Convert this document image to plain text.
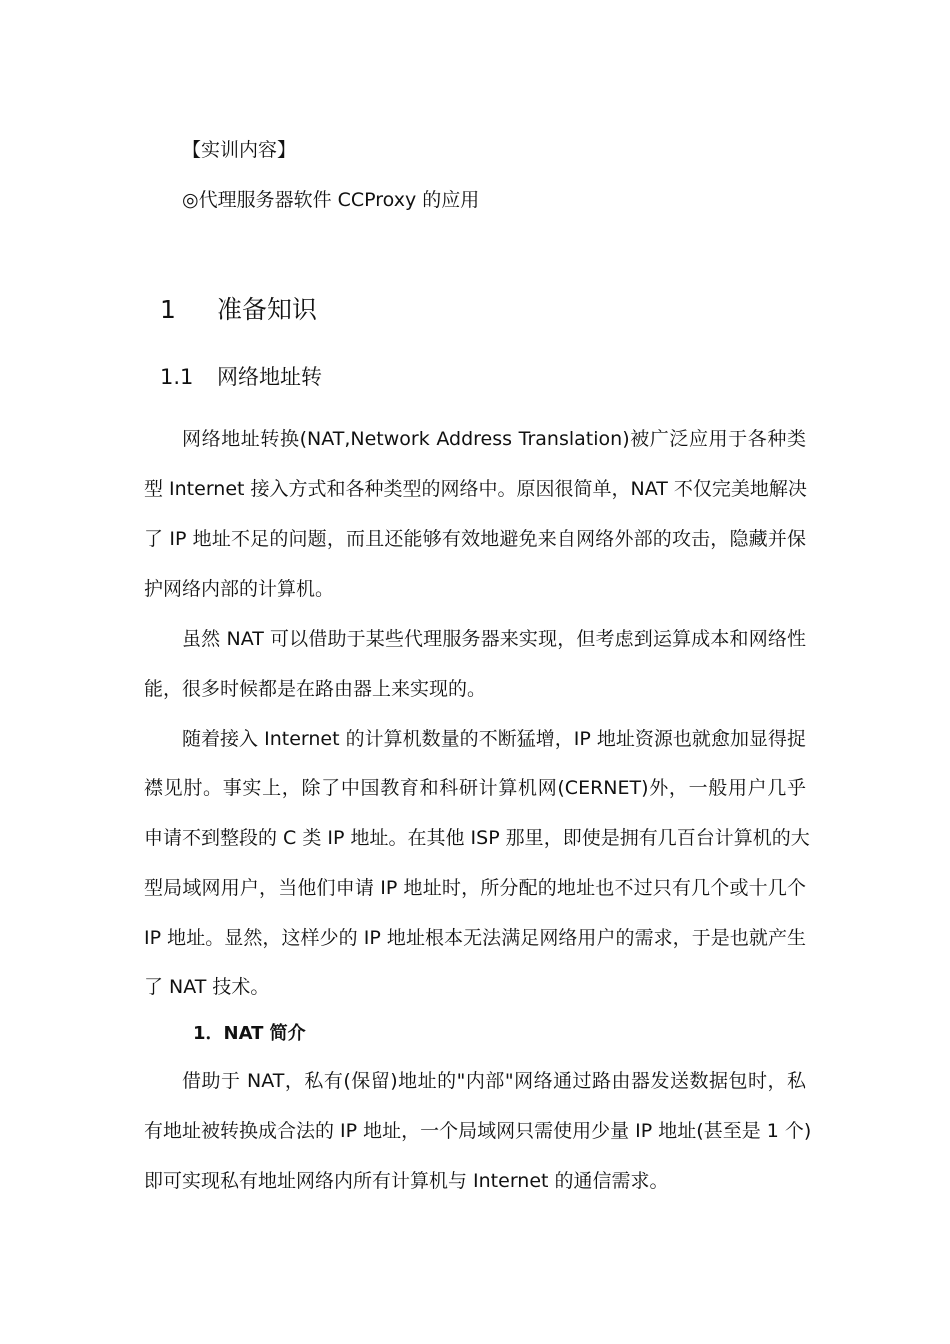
【实训内容】
◎代理服务器软件 CCProxy 的应用
1 准备知识
1.1 网络地址转
网络地址转换(NAT,Network Address Translation)被广泛应用于各种类
型 Internet 接入方式和各种类型的网络中。原因很简单，NAT 不仅完美地解决
了 IP 地址不足的问题，而且还能够有效地避免来自网络外部的攻击，隐藏并保
护网络内部的计算机。
虽然 NAT 可以借助于某些代理服务器来实现，但考虑到运算成本和网络性
能，很多时候都是在路由器上来实现的。
随着接入 Internet 的计算机数量的不断猛增，IP 地址资源也就愈加显得捉
襟见肘。事实上，除了中国教育和科研计算机网(CERNET)外，一般用户几乎
申请不到整段的 C 类 IP 地址。在其他 ISP 那里，即使是拥有几百台计算机的大
型局域网用户，当他们申请 IP 地址时，所分配的地址也不过只有几个或十几个
IP 地址。显然，这样少的 IP 地址根本无法满足网络用户的需求，于是也就产生
了 NAT 技术。
1．NAT 简介
借助于 NAT，私有(保留)地址的"内部"网络通过路由器发送数据包时，私
有地址被转换成合法的 IP 地址，一个局域网只需使用少量 IP 地址(甚至是 1 个)
即可实现私有地址网络内所有计算机与 Internet 的通信需求。
